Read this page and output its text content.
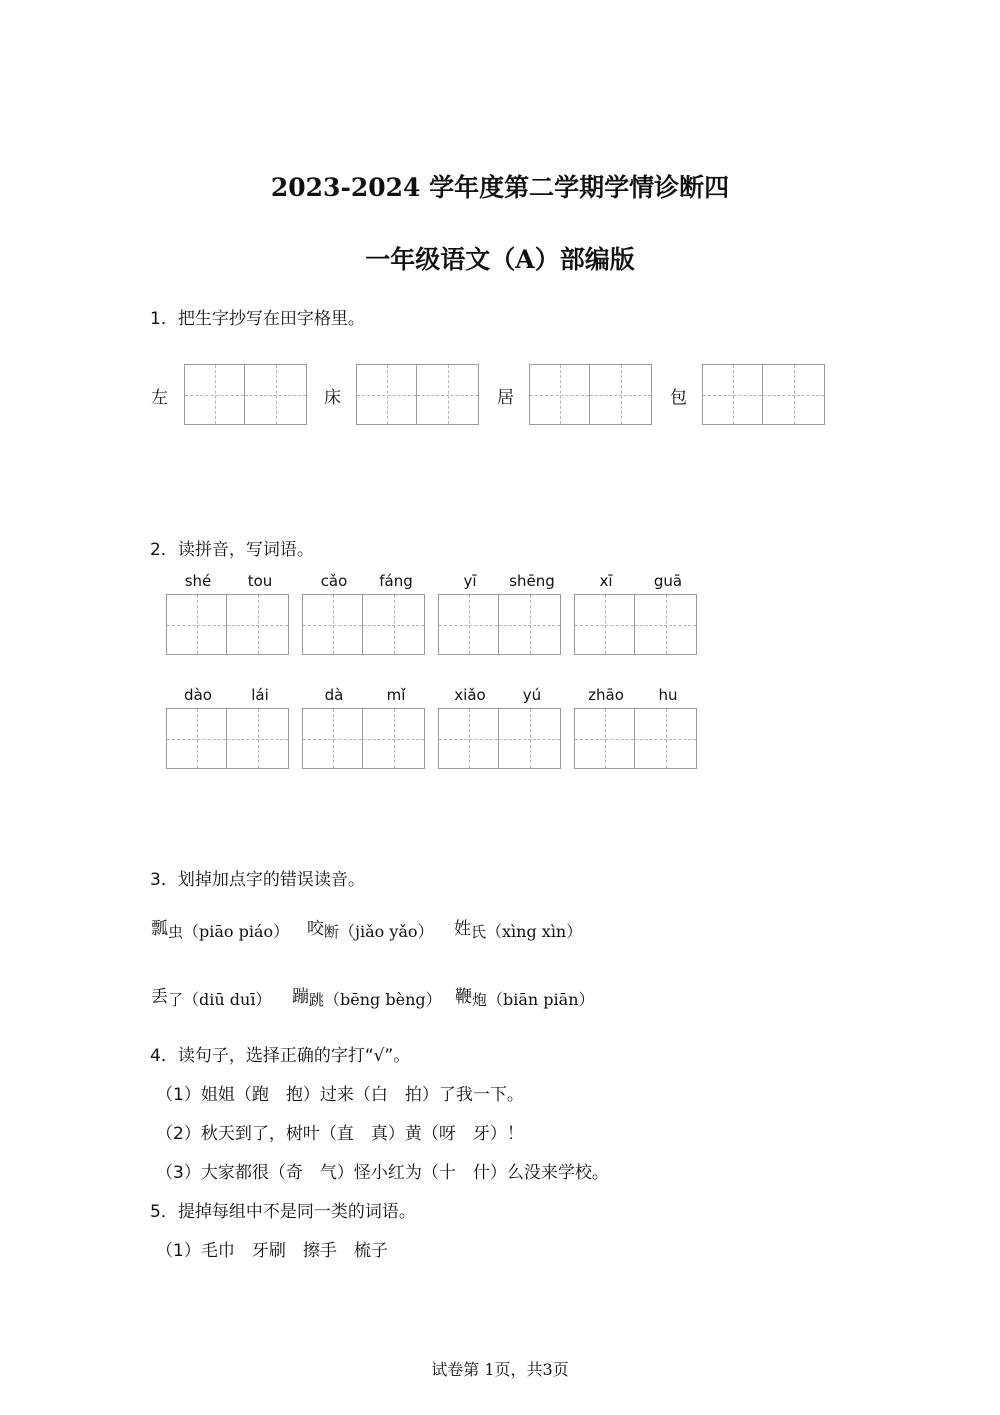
2023-2024 学年度第二学期学情诊断四
一年级语文（A）部编版
1．把生字抄写在田字格里。
左	床	居	包
2．读拼音，写词语。
shé	tou	cǎo	fáng	yī	shēng	xī	guā
dào	lái	dà	mǐ	xiǎo	yú	zhāo	hu
3．划掉加点字的错误读音。
瓢虫（piāo piáo） 咬断（jiǎo yǎo） 姓氏（xìng xìn）
丢了（diū duī） 蹦跳（bēng bèng） 鞭炮（biān piān）
4．读句子，选择正确的字打“√”。
（1）姐姐（跑　抱）过来（白　拍）了我一下。
（2）秋天到了，树叶（直　真）黄（呀　牙）！
（3）大家都很（奇　气）怪小红为（十　什）么没来学校。
5．提掉每组中不是同一类的词语。
（1）毛巾　牙刷　擦手　梳子
试卷第 1页，共3页
